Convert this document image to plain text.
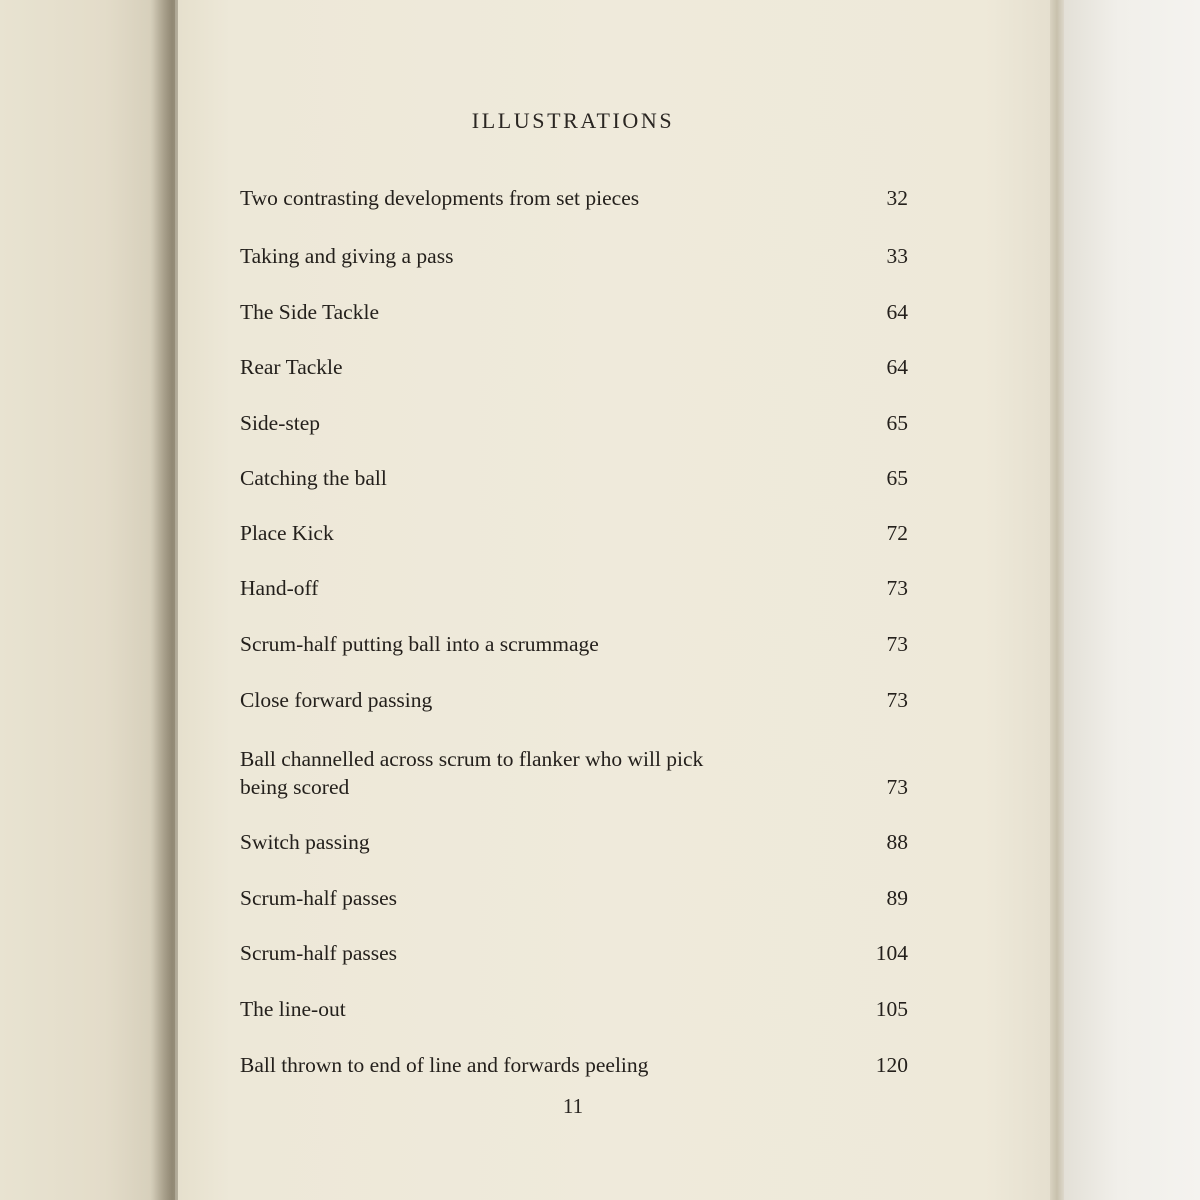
ILLUSTRATIONS
Two contrasting developments from set pieces	32
Taking and giving a pass	33
The Side Tackle	64
Rear Tackle	64
Side-step	65
Catching the ball	65
Place Kick	72
Hand-off	73
Scrum-half putting ball into a scrummage	73
Close forward passing	73
Ball channelled across scrum to flanker who will pick
being scored	73
Switch passing	88
Scrum-half passes	89
Scrum-half passes	104
The line-out	105
Ball thrown to end of line and forwards peeling	120
11
